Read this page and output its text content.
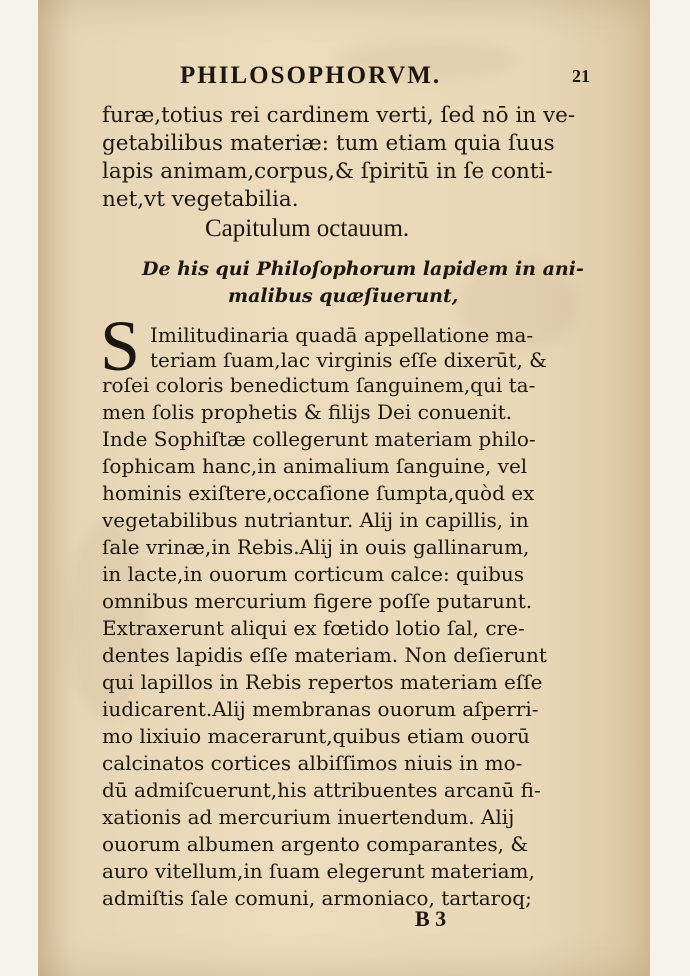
PHILOSOPHORVM.	21
furæ,totius rei cardinem verti, ſed nō in ve-
getabilibus materiæ: tum etiam quia ſuus
lapis animam,corpus,& ſpiritū in ſe conti-
net,vt vegetabilia.
Capitulum octauum.
De his qui Philoſophorum lapidem in ani-
malibus quæſiuerunt,
S Imilitudinaria quadā appellatione ma-
teriam ſuam,lac virginis eſſe dixerūt, &
roſei coloris benedictum ſanguinem,qui ta-
men ſolis prophetis & filijs Dei conuenit.
Inde Sophiſtæ collegerunt materiam philo-
ſophicam hanc,in animalium ſanguine, vel
hominis exiſtere,occaſione ſumpta,quòd ex
vegetabilibus nutriantur. Alij in capillis, in
ſale vrinæ,in Rebis.Alij in ouis gallinarum,
in lacte,in ouorum corticum calce: quibus
omnibus mercurium figere poſſe putarunt.
Extraxerunt aliqui ex fœtido lotio ſal, cre-
dentes lapidis eſſe materiam. Non deſierunt
qui lapillos in Rebis repertos materiam eſſe
iudicarent.Alij membranas ouorum aſperri-
mo lixiuio macerarunt,quibus etiam ouorū
calcinatos cortices albiſſimos niuis in mo-
dū admiſcuerunt,his attribuentes arcanū fi-
xationis ad mercurium inuertendum. Alij
ouorum albumen argento comparantes, &
auro vitellum,in ſuam elegerunt materiam,
admiſtis ſale comuni, armoniaco, tartaroq;
B 3
